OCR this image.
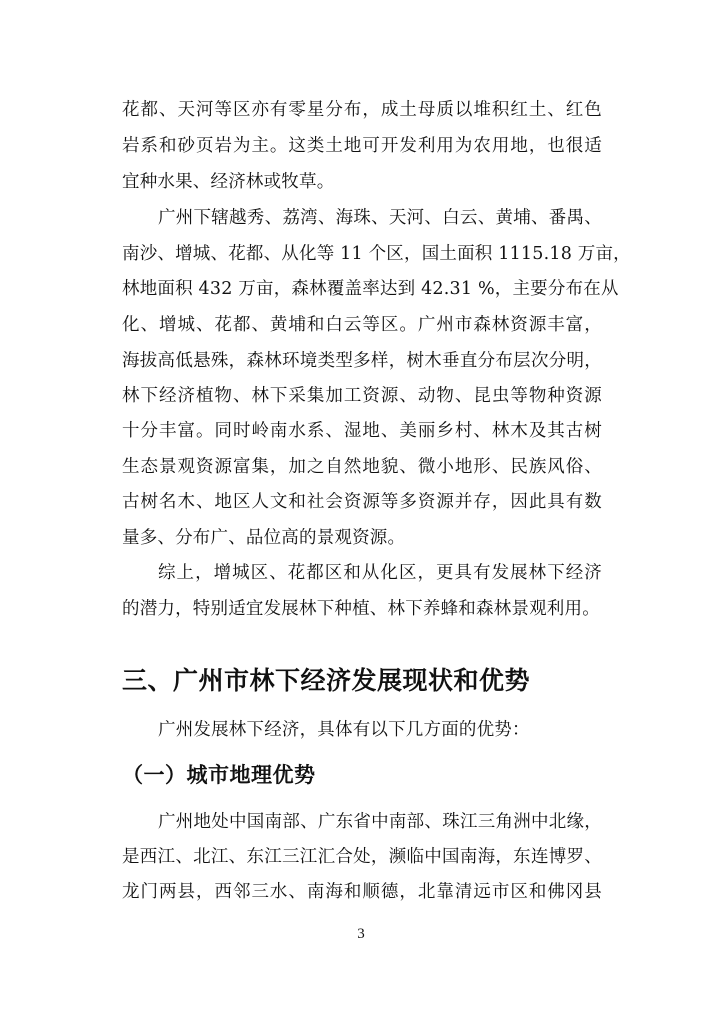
花都、天河等区亦有零星分布，成土母质以堆积红土、红色
岩系和砂页岩为主。这类土地可开发利用为农用地，也很适
宜种水果、经济林或牧草。
广州下辖越秀、荔湾、海珠、天河、白云、黄埔、番禺、
南沙、增城、花都、从化等 11 个区，国土面积 1115.18 万亩，
林地面积 432 万亩，森林覆盖率达到 42.31 %，主要分布在从
化、增城、花都、黄埔和白云等区。广州市森林资源丰富，
海拔高低悬殊，森林环境类型多样，树木垂直分布层次分明，
林下经济植物、林下采集加工资源、动物、昆虫等物种资源
十分丰富。同时岭南水系、湿地、美丽乡村、林木及其古树
生态景观资源富集，加之自然地貌、微小地形、民族风俗、
古树名木、地区人文和社会资源等多资源并存，因此具有数
量多、分布广、品位高的景观资源。
综上，增城区、花都区和从化区，更具有发展林下经济
的潜力，特别适宜发展林下种植、林下养蜂和森林景观利用。
三、广州市林下经济发展现状和优势
广州发展林下经济，具体有以下几方面的优势：
（一）城市地理优势
广州地处中国南部、广东省中南部、珠江三角洲中北缘，
是西江、北江、东江三江汇合处，濒临中国南海，东连博罗、
龙门两县，西邻三水、南海和顺德，北靠清远市区和佛冈县
3
